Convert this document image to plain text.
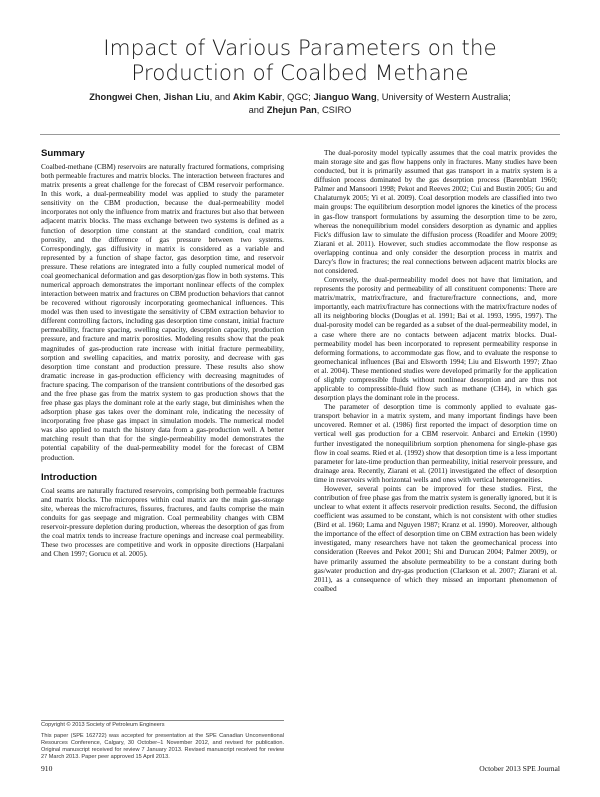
Impact of Various Parameters on the
Production of Coalbed Methane
Zhongwei Chen, Jishan Liu, and Akim Kabir, QGC; Jianguo Wang, University of Western Australia;
and Zhejun Pan, CSIRO
Summary

Coalbed-methane (CBM) reservoirs are naturally fractured formations, comprising both permeable fractures and matrix blocks. The interaction between fractures and matrix presents a great challenge for the forecast of CBM reservoir performance. In this work, a dual-permeability model was applied to study the parameter sensitivity on the CBM production, because the dual-permeability model incorporates not only the influence from matrix and fractures but also that between adjacent matrix blocks. The mass exchange between two systems is defined as a function of desorption time constant at the standard condition, coal matrix porosity, and the difference of gas pressure between two systems. Correspondingly, gas diffusivity in matrix is considered as a variable and represented by a function of shape factor, gas desorption time, and reservoir pressure. These relations are integrated into a fully coupled numerical model of coal geomechanical deformation and gas desorption/gas flow in both systems. This numerical approach demonstrates the important nonlinear effects of the complex interaction between matrix and fractures on CBM production behaviors that cannot be recovered without rigorously incorporating geomechanical influences. This model was then used to investigate the sensitivity of CBM extraction behavior to different controlling factors, including gas desorption time constant, initial fracture permeability, fracture spacing, swelling capacity, desorption capacity, production pressure, and fracture and matrix porosities. Modeling results show that the peak magnitudes of gas-production rate increase with initial fracture permeability, sorption and swelling capacities, and matrix porosity, and decrease with gas desorption time constant and production pressure. These results also show dramatic increase in gas-production efficiency with decreasing magnitudes of fracture spacing. The comparison of the transient contributions of the desorbed gas and the free phase gas from the matrix system to gas production shows that the free phase gas plays the dominant role at the early stage, but diminishes when the adsorption phase gas takes over the dominant role, indicating the necessity of incorporating free phase gas impact in simulation models. The numerical model was also applied to match the history data from a gas-production well. A better matching result than that for the single-permeability model demonstrates the potential capability of the dual-permeability model for the forecast of CBM production.

Introduction

Coal seams are naturally fractured reservoirs, comprising both permeable fractures and matrix blocks. The micropores within coal matrix are the main gas-storage site, whereas the microfractures, fissures, fractures, and faults comprise the main conduits for gas seepage and migration. Coal permeability changes with CBM reservoir-pressure depletion during production, whereas the desorption of gas from the coal matrix tends to increase fracture openings and increase coal permeability. These two processes are competitive and work in opposite directions (Harpalani and Chen 1997; Gorucu et al. 2005).

The dual-porosity model typically assumes that the coal matrix provides the main storage site and gas flow happens only in fractures. Many studies have been conducted, but it is primarily assumed that gas transport in a matrix system is a diffusion process dominated by the gas desorption process (Barenblatt 1960; Palmer and Mansoori 1998; Pekot and Reeves 2002; Cui and Bustin 2005; Gu and Chalaturnyk 2005; Yi et al. 2009). Coal desorption models are classified into two main groups: The equilibrium desorption model ignores the kinetics of the process in gas-flow transport formulations by assuming the desorption time to be zero, whereas the nonequilibrium model considers desorption as dynamic and applies Fick's diffusion law to simulate the diffusion process (Roadifer and Moore 2009; Ziarani et al. 2011). However, such studies accommodate the flow response as overlapping continua and only consider the desorption process in matrix and Darcy's flow in fractures; the real connections between adjacent matrix blocks are not considered.

Conversely, the dual-permeability model does not have that limitation, and represents the porosity and permeability of all constituent components: There are matrix/matrix, matrix/fracture, and fracture/fracture connections, and, more importantly, each matrix/fracture has connections with the matrix/fracture nodes of all its neighboring blocks (Douglas et al. 1991; Bai et al. 1993, 1995, 1997). The dual-porosity model can be regarded as a subset of the dual-permeability model, in a case where there are no contacts between adjacent matrix blocks. Dual-permeability model has been incorporated to represent permeability response in deforming formations, to accommodate gas flow, and to evaluate the response to geomechanical influences (Bai and Elsworth 1994; Liu and Elsworth 1997; Zhao et al. 2004). These mentioned studies were developed primarily for the application of slightly compressible fluids without nonlinear desorption and are thus not applicable to compressible-fluid flow such as methane (CH4), in which gas desorption plays the dominant role in the process.

The parameter of desorption time is commonly applied to evaluate gas-transport behavior in a matrix system, and many important findings have been uncovered. Remner et al. (1986) first reported the impact of desorption time on vertical well gas production for a CBM reservoir. Anbarci and Ertekin (1990) further investigated the nonequilibrium sorption phenomena for single-phase gas flow in coal seams. Ried et al. (1992) show that desorption time is a less important parameter for late-time production than permeability, initial reservoir pressure, and drainage area. Recently, Ziarani et al. (2011) investigated the effect of desorption time in reservoirs with horizontal wells and ones with vertical heterogeneities.

However, several points can be improved for these studies. First, the contribution of free phase gas from the matrix system is generally ignored, but it is unclear to what extent it affects reservoir prediction results. Second, the diffusion coefficient was assumed to be constant, which is not consistent with other studies (Bird et al. 1960; Lama and Nguyen 1987; Kranz et al. 1990). Moreover, although the importance of the effect of desorption time on CBM extraction has been widely investigated, many researchers have not taken the geomechanical process into consideration (Reeves and Pekot 2001; Shi and Durucan 2004; Palmer 2009), or have primarily assumed the absolute permeability to be a constant during both gas/water production and dry-gas production (Clarkson et al. 2007; Ziarani et al. 2011), as a consequence of which they missed an important phenomenon of coalbed

Copyright © 2013 Society of Petroleum Engineers

This paper (SPE 162722) was accepted for presentation at the SPE Canadian Unconventional Resources Conference, Calgary, 30 October–1 November 2012, and revised for publication. Original manuscript received for review 7 January 2013. Revised manuscript received for review 27 March 2013. Paper peer approved 15 April 2013.

910	October 2013 SPE Journal
